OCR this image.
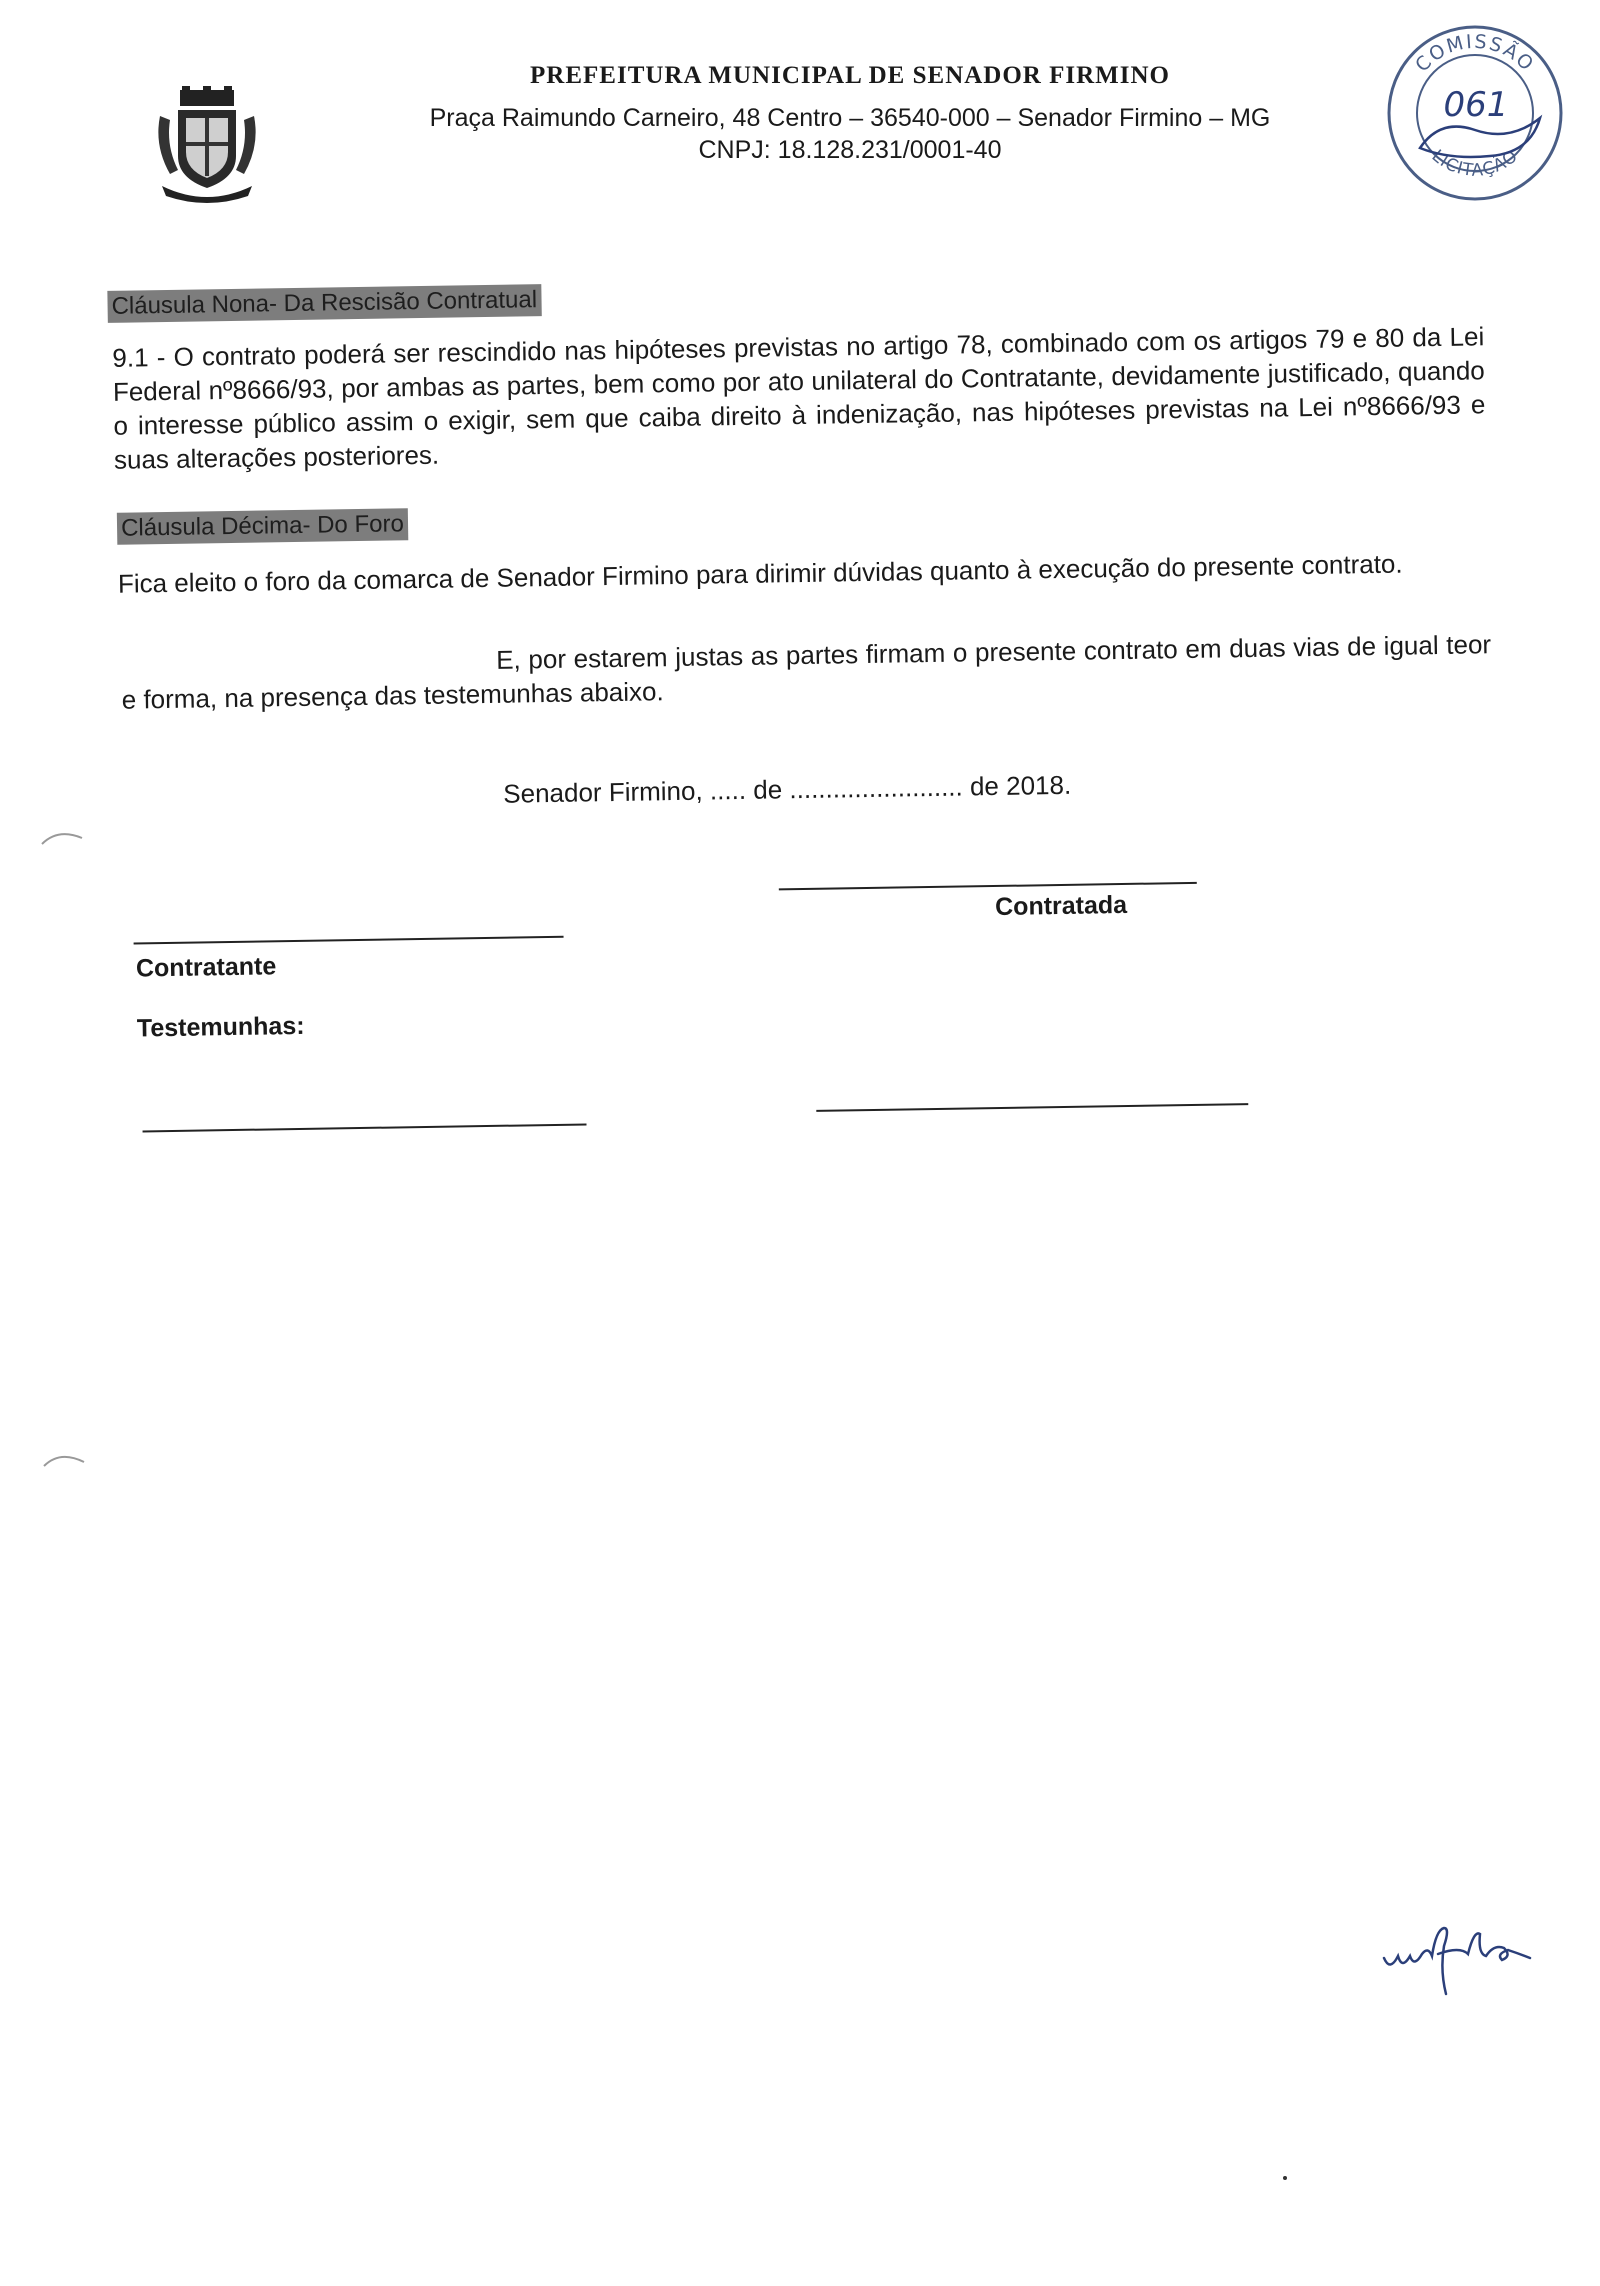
PREFEITURA MUNICIPAL DE SENADOR FIRMINO
Praça Raimundo Carneiro, 48 Centro – 36540-000 – Senador Firmino – MG
CNPJ: 18.128.231/0001-40
COMISSÃO
LICITAÇÃO
061
Cláusula Nona- Da Rescisão Contratual
9.1 - O contrato poderá ser rescindido nas hipóteses previstas no artigo 78, combinado com os artigos 79 e 80 da Lei Federal nº8666/93, por ambas as partes, bem como por ato unilateral do Contratante, devidamente justificado, quando o interesse público assim o exigir, sem que caiba direito à indenização, nas hipóteses previstas na Lei nº8666/93 e suas alterações posteriores.
Cláusula Décima- Do Foro
Fica eleito o foro da comarca de Senador Firmino para dirimir dúvidas quanto à execução do presente contrato.
E, por estarem justas as partes firmam o presente contrato em duas vias de igual teor e forma, na presença das testemunhas abaixo.
Senador Firmino, ..... de ........................ de 2018.
Contratada
Contratante
Testemunhas:
